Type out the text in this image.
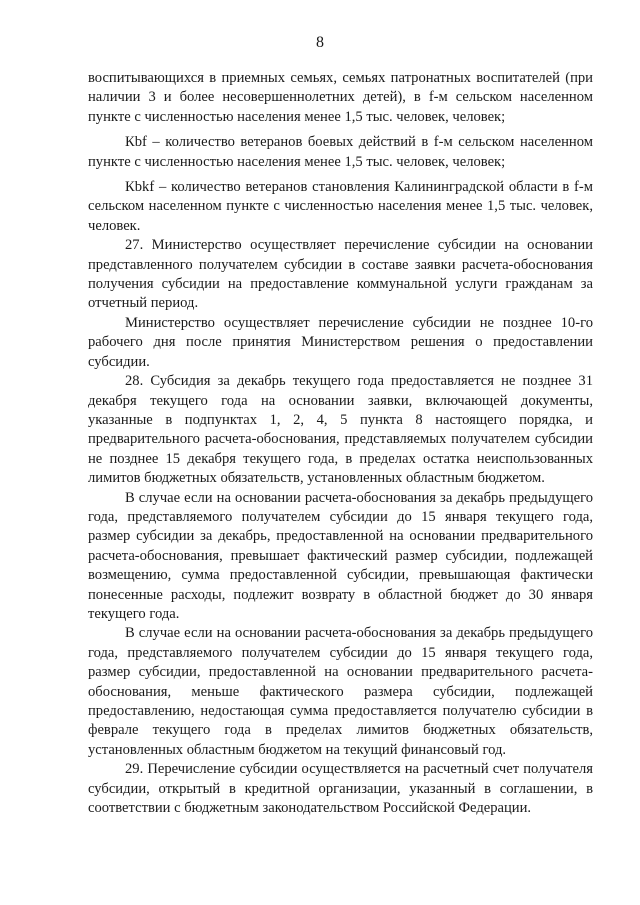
8

воспитывающихся в приемных семьях, семьях патронатных воспитателей (при наличии 3 и более несовершеннолетних детей), в f-м сельском населенном пункте с численностью населения менее 1,5 тыс. человек, человек;

Кbf – количество ветеранов боевых действий в f-м сельском населенном пункте с численностью населения менее 1,5 тыс. человек, человек;

Кbkf – количество ветеранов становления Калининградской области в f-м сельском населенном пункте с численностью населения менее 1,5 тыс. человек, человек.

27. Министерство осуществляет перечисление субсидии на основании представленного получателем субсидии в составе заявки расчета-обоснования получения субсидии на предоставление коммунальной услуги гражданам за отчетный период.

Министерство осуществляет перечисление субсидии не позднее 10-го рабочего дня после принятия Министерством решения о предоставлении субсидии.

28. Субсидия за декабрь текущего года предоставляется не позднее 31 декабря текущего года на основании заявки, включающей документы, указанные в подпунктах 1, 2, 4, 5 пункта 8 настоящего порядка, и предварительного расчета-обоснования, представляемых получателем субсидии не позднее 15 декабря текущего года, в пределах остатка неиспользованных лимитов бюджетных обязательств, установленных областным бюджетом.

В случае если на основании расчета-обоснования за декабрь предыдущего года, представляемого получателем субсидии до 15 января текущего года, размер субсидии за декабрь, предоставленной на основании предварительного расчета-обоснования, превышает фактический размер субсидии, подлежащей возмещению, сумма предоставленной субсидии, превышающая фактически понесенные расходы, подлежит возврату в областной бюджет до 30 января текущего года.

В случае если на основании расчета-обоснования за декабрь предыдущего года, представляемого получателем субсидии до 15 января текущего года, размер субсидии, предоставленной на основании предварительного расчета-обоснования, меньше фактического размера субсидии, подлежащей предоставлению, недостающая сумма предоставляется получателю субсидии в феврале текущего года в пределах лимитов бюджетных обязательств, установленных областным бюджетом на текущий финансовый год.

29. Перечисление субсидии осуществляется на расчетный счет получателя субсидии, открытый в кредитной организации, указанный в соглашении, в соответствии с бюджетным законодательством Российской Федерации.
